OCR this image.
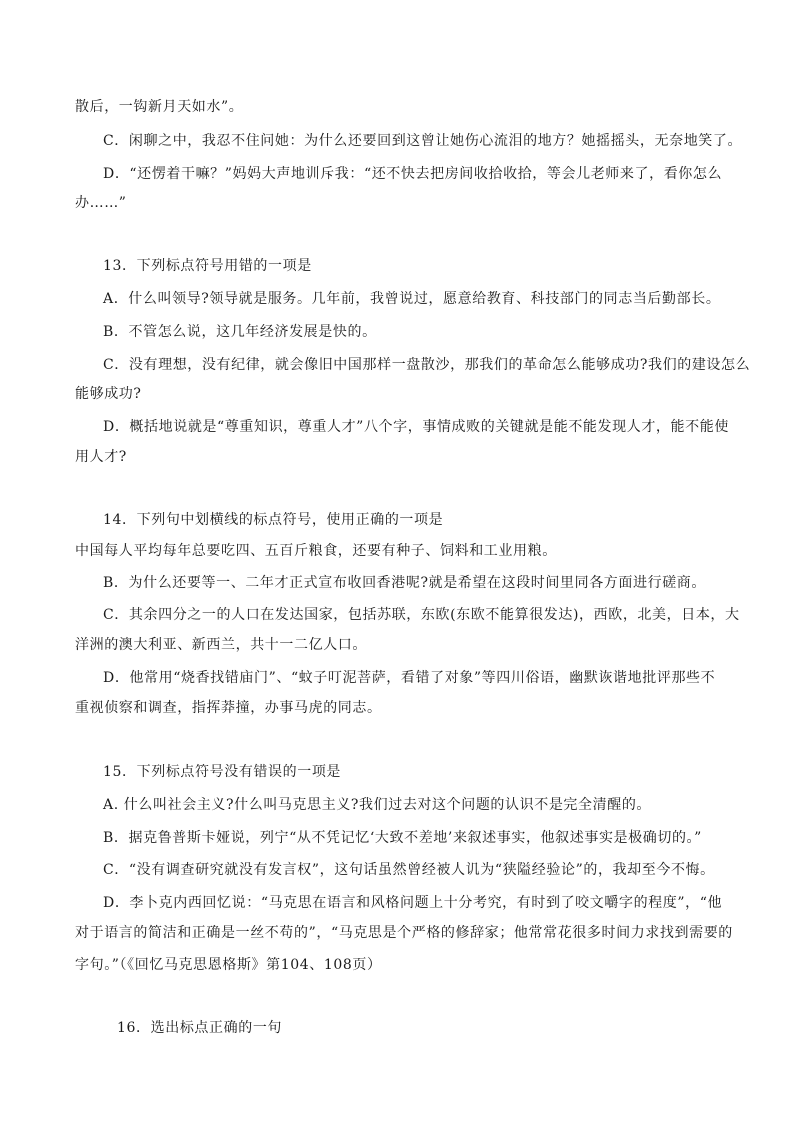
散后，一钩新月天如水”。
C．闲聊之中，我忍不住问她：为什么还要回到这曾让她伤心流泪的地方？她摇摇头，无奈地笑了。
D．“还愣着干嘛？”妈妈大声地训斥我：“还不快去把房间收拾收拾，等会儿老师来了，看你怎么
办……”
13．下列标点符号用错的一项是
A．什么叫领导?领导就是服务。几年前，我曾说过，愿意给教育、科技部门的同志当后勤部长。
B．不管怎么说，这几年经济发展是快的。
C．没有理想，没有纪律，就会像旧中国那样一盘散沙，那我们的革命怎么能够成功?我们的建设怎么
能够成功?
D．概括地说就是“尊重知识，尊重人才”八个字，事情成败的关键就是能不能发现人才，能不能使
用人才?
14．下列句中划横线的标点符号，使用正确的一项是
中国每人平均每年总要吃四、五百斤粮食，还要有种子、饲料和工业用粮。
B．为什么还要等一、二年才正式宣布收回香港呢?就是希望在这段时间里同各方面进行磋商。
C．其余四分之一的人口在发达国家，包括苏联，东欧(东欧不能算很发达)，西欧，北美，日本，大
洋洲的澳大利亚、新西兰，共十一二亿人口。
D．他常用“烧香找错庙门”、“蚊子叮泥菩萨，看错了对象”等四川俗语，幽默诙谐地批评那些不
重视侦察和调查，指挥莽撞，办事马虎的同志。
15．下列标点符号没有错误的一项是
A. 什么叫社会主义?什么叫马克思主义?我们过去对这个问题的认识不是完全清醒的。
B．据克鲁普斯卡娅说，列宁“从不凭记忆‘大致不差地’来叙述事实，他叙述事实是极确切的。”
C．“没有调查研究就没有发言权”，这句话虽然曾经被人讥为“狭隘经验论”的，我却至今不悔。
D．李卜克内西回忆说：“马克思在语言和风格问题上十分考究，有时到了咬文嚼字的程度”，“他
对于语言的简洁和正确是一丝不苟的”，“马克思是个严格的修辞家；他常常花很多时间力求找到需要的
字句。”（《回忆马克思恩格斯》第104、108页）
16．选出标点正确的一句
